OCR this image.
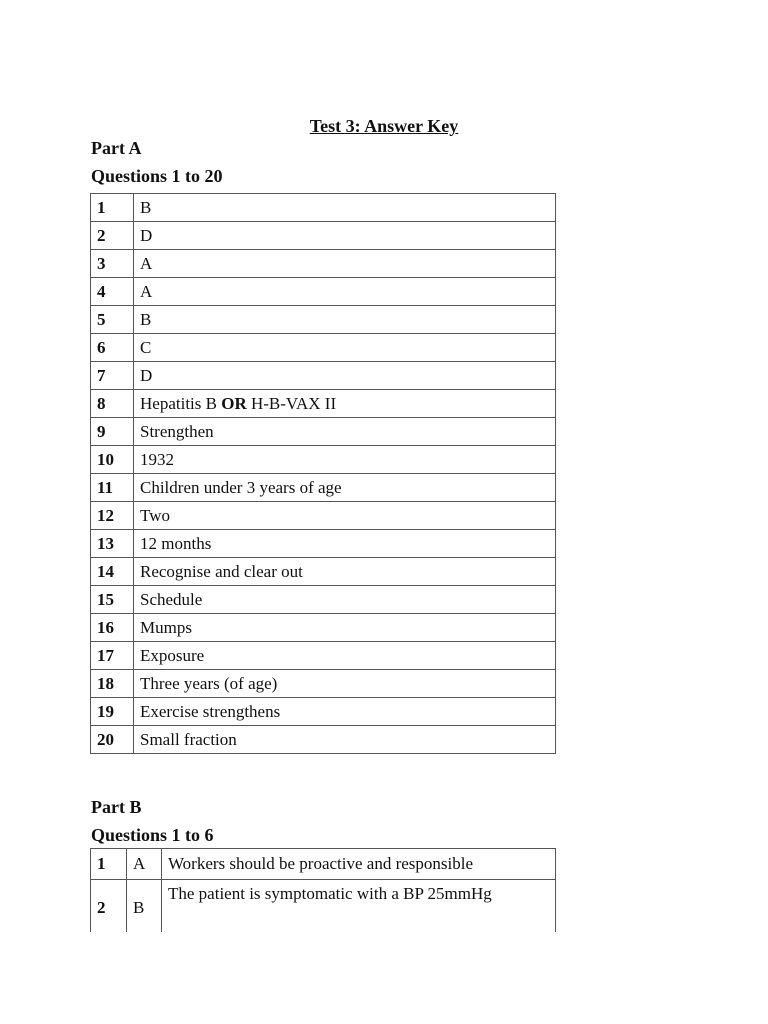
Test 3: Answer Key
Part A
Questions 1 to 20
1	B
2	D
3	A
4	A
5	B
6	C
7	D
8	Hepatitis B OR H-B-VAX II
9	Strengthen
10	1932
11	Children under 3 years of age
12	Two
13	12 months
14	Recognise and clear out
15	Schedule
16	Mumps
17	Exposure
18	Three years (of age)
19	Exercise strengthens
20	Small fraction
Part B
Questions 1 to 6
1	A	Workers should be proactive and responsible
2	B	The patient is symptomatic with a BP 25mmHg
